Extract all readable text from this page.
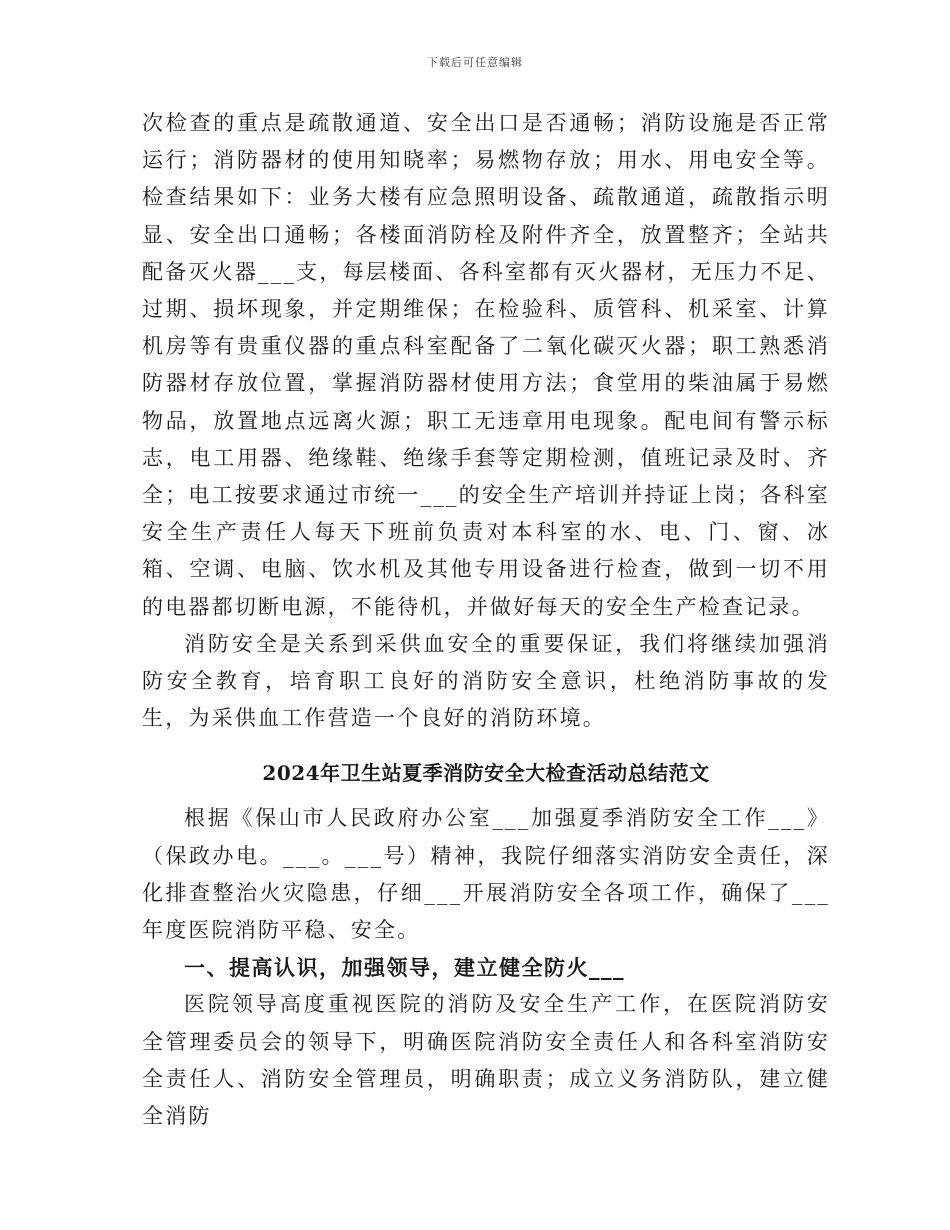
下载后可任意编辑

次检查的重点是疏散通道、安全出口是否通畅；消防设施是否正常运行；消防器材的使用知晓率；易燃物存放；用水、用电安全等。检查结果如下：业务大楼有应急照明设备、疏散通道，疏散指示明显、安全出口通畅；各楼面消防栓及附件齐全，放置整齐；全站共配备灭火器___支，每层楼面、各科室都有灭火器材，无压力不足、过期、损坏现象，并定期维保；在检验科、质管科、机采室、计算机房等有贵重仪器的重点科室配备了二氧化碳灭火器；职工熟悉消防器材存放位置，掌握消防器材使用方法；食堂用的柴油属于易燃物品，放置地点远离火源；职工无违章用电现象。配电间有警示标志，电工用器、绝缘鞋、绝缘手套等定期检测，值班记录及时、齐全；电工按要求通过市统一___的安全生产培训并持证上岗；各科室安全生产责任人每天下班前负责对本科室的水、电、门、窗、冰箱、空调、电脑、饮水机及其他专用设备进行检查，做到一切不用的电器都切断电源，不能待机，并做好每天的安全生产检查记录。

消防安全是关系到采供血安全的重要保证，我们将继续加强消防安全教育，培育职工良好的消防安全意识，杜绝消防事故的发生，为采供血工作营造一个良好的消防环境。

2024年卫生站夏季消防安全大检查活动总结范文

根据《保山市人民政府办公室___加强夏季消防安全工作___》（保政办电。___。___号）精神，我院仔细落实消防安全责任，深化排查整治火灾隐患，仔细___开展消防安全各项工作，确保了___年度医院消防平稳、安全。

一、提高认识，加强领导，建立健全防火___

医院领导高度重视医院的消防及安全生产工作，在医院消防安全管理委员会的领导下，明确医院消防安全责任人和各科室消防安全责任人、消防安全管理员，明确职责；成立义务消防队，建立健全消防
